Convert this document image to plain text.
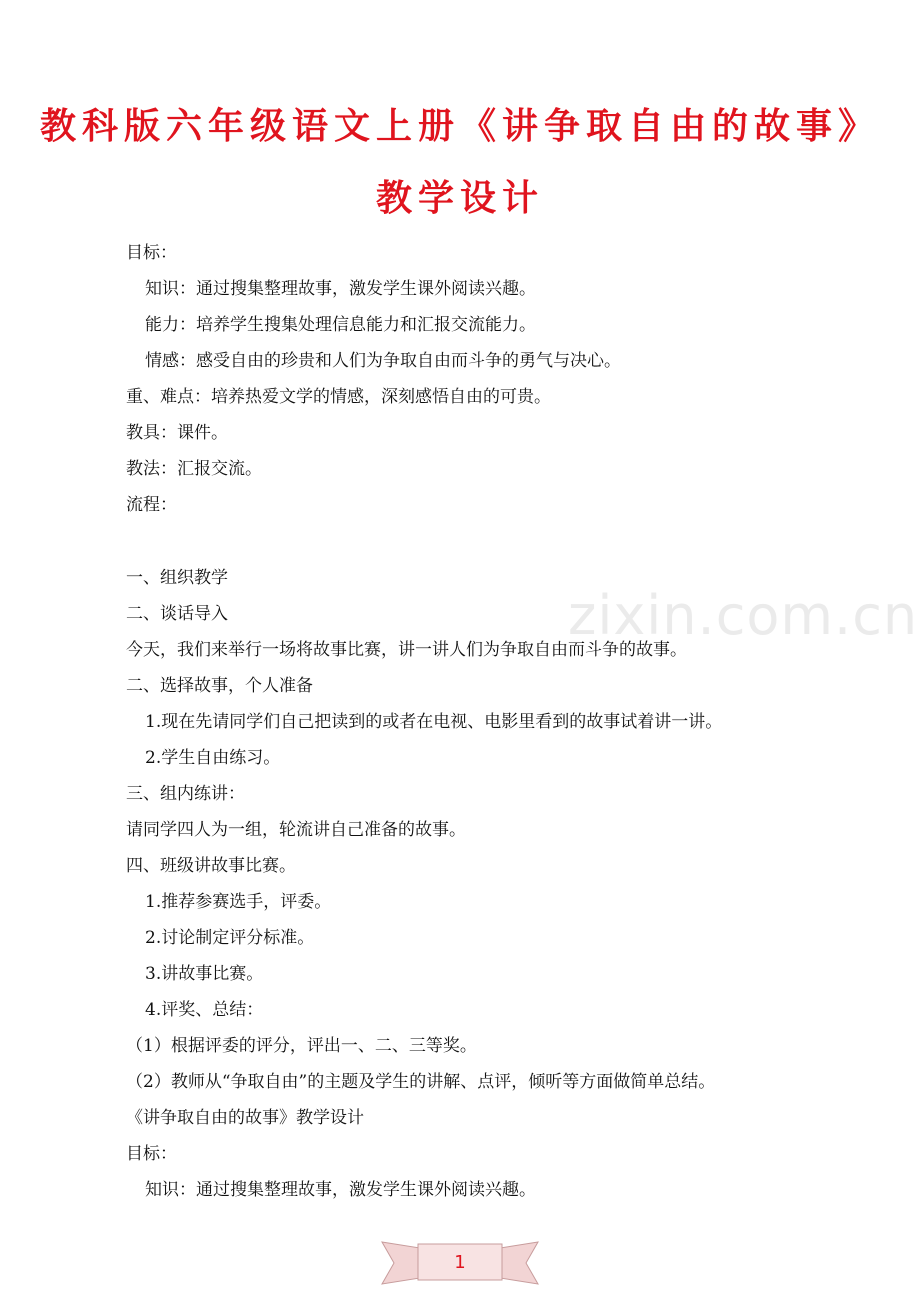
教科版六年级语文上册《讲争取自由的故事》
教学设计
zixin.com.cn
目标：
知识：通过搜集整理故事，激发学生课外阅读兴趣。
能力：培养学生搜集处理信息能力和汇报交流能力。
情感：感受自由的珍贵和人们为争取自由而斗争的勇气与决心。
重、难点：培养热爱文学的情感，深刻感悟自由的可贵。
教具：课件。
教法：汇报交流。
流程：
一、组织教学
二、谈话导入
今天，我们来举行一场将故事比赛，讲一讲人们为争取自由而斗争的故事。
二、选择故事，个人准备
1.现在先请同学们自己把读到的或者在电视、电影里看到的故事试着讲一讲。
2.学生自由练习。
三、组内练讲：
请同学四人为一组，轮流讲自己准备的故事。
四、班级讲故事比赛。
1.推荐参赛选手，评委。
2.讨论制定评分标准。
3.讲故事比赛。
4.评奖、总结：
（1）根据评委的评分，评出一、二、三等奖。
（2）教师从“争取自由”的主题及学生的讲解、点评，倾听等方面做简单总结。
《讲争取自由的故事》教学设计
目标：
知识：通过搜集整理故事，激发学生课外阅读兴趣。
1
